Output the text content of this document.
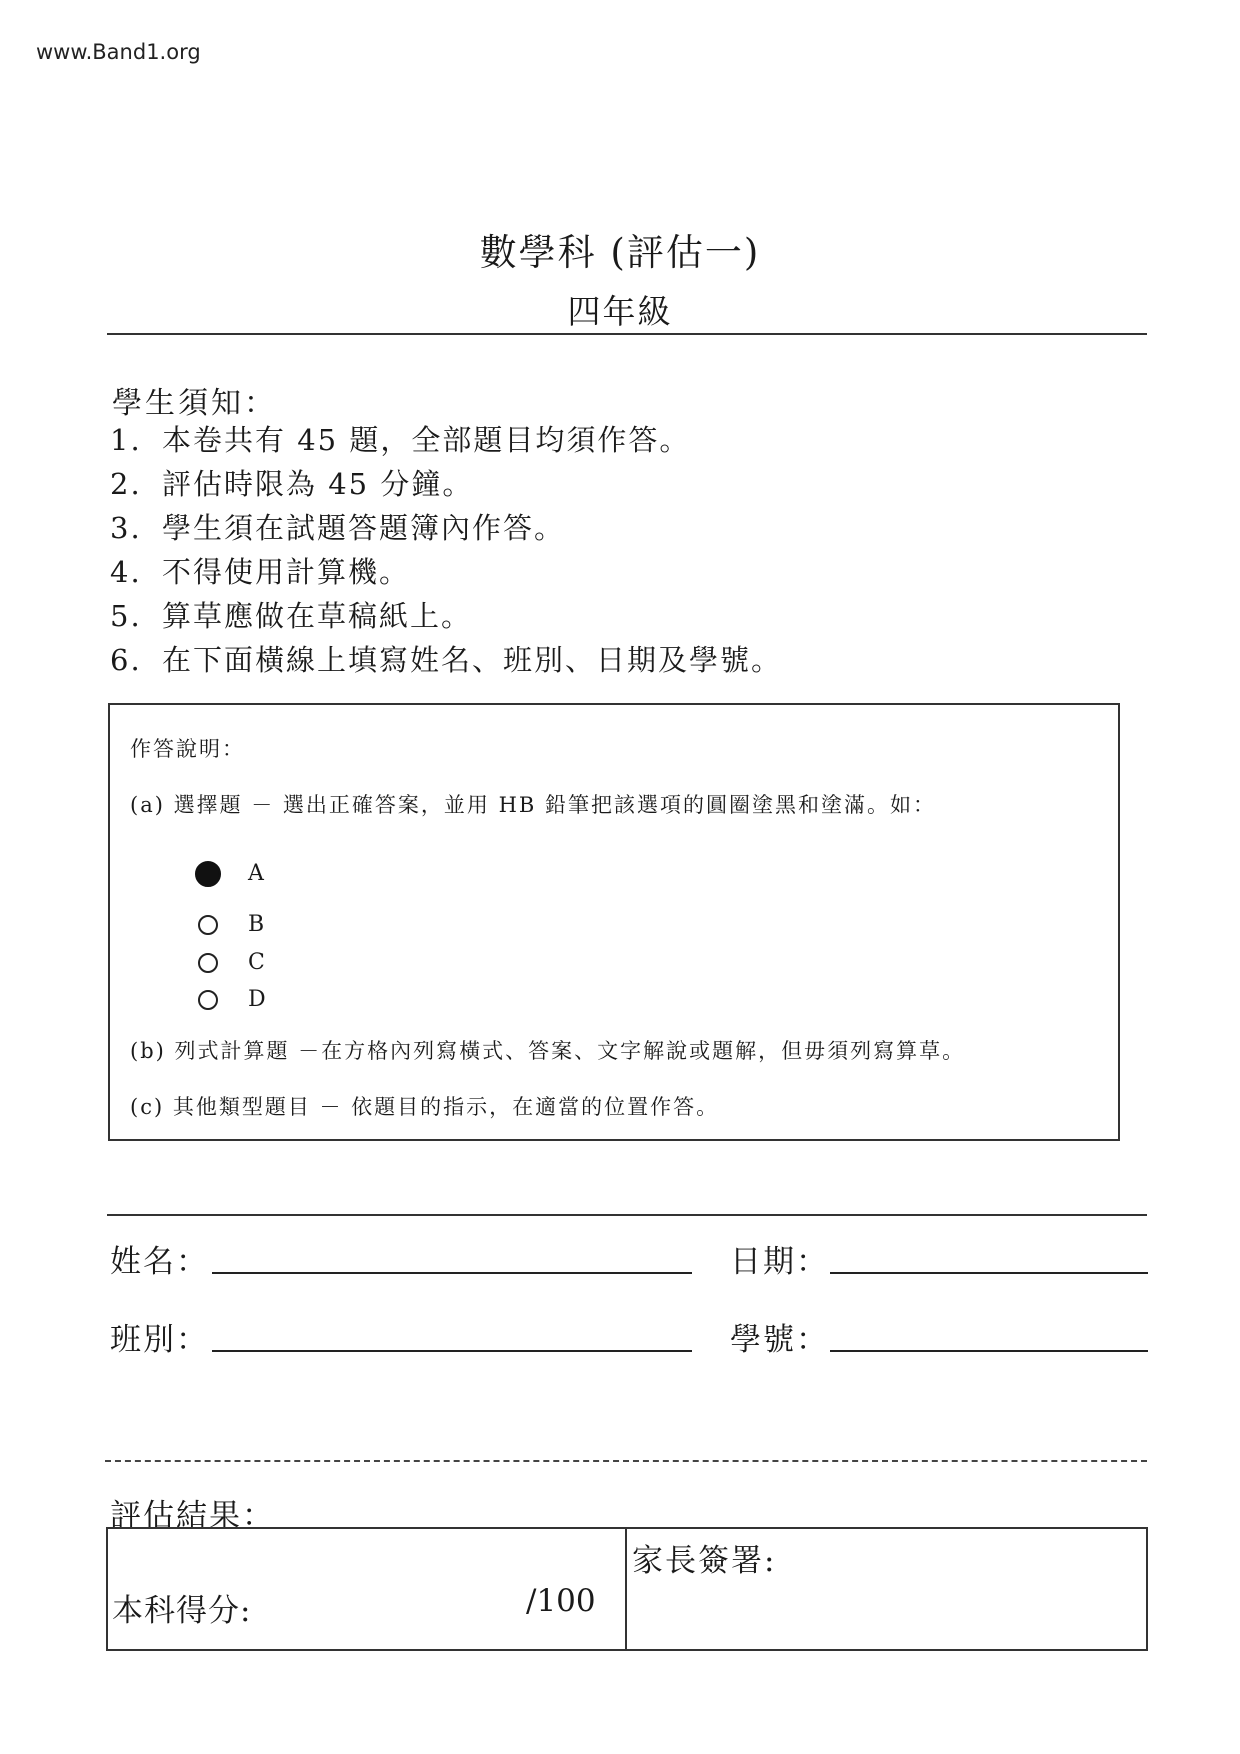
www.Band1.org
數學科 (評估一)
四年級
學生須知：
1. 本卷共有 45 題，全部題目均須作答。
2. 評估時限為 45 分鐘。
3. 學生須在試題答題簿內作答。
4. 不得使用計算機。
5. 算草應做在草稿紙上。
6. 在下面橫線上填寫姓名、班別、日期及學號。
作答說明：
(a) 選擇題 － 選出正確答案，並用 HB 鉛筆把該選項的圓圈塗黑和塗滿。如：
A
B
C
D
(b) 列式計算題 －在方格內列寫橫式、答案、文字解說或題解，但毋須列寫算草。
(c) 其他類型題目 － 依題目的指示，在適當的位置作答。
姓名：	日期：
班別：	學號：
評估結果：
本科得分:	/100
家長簽署:
